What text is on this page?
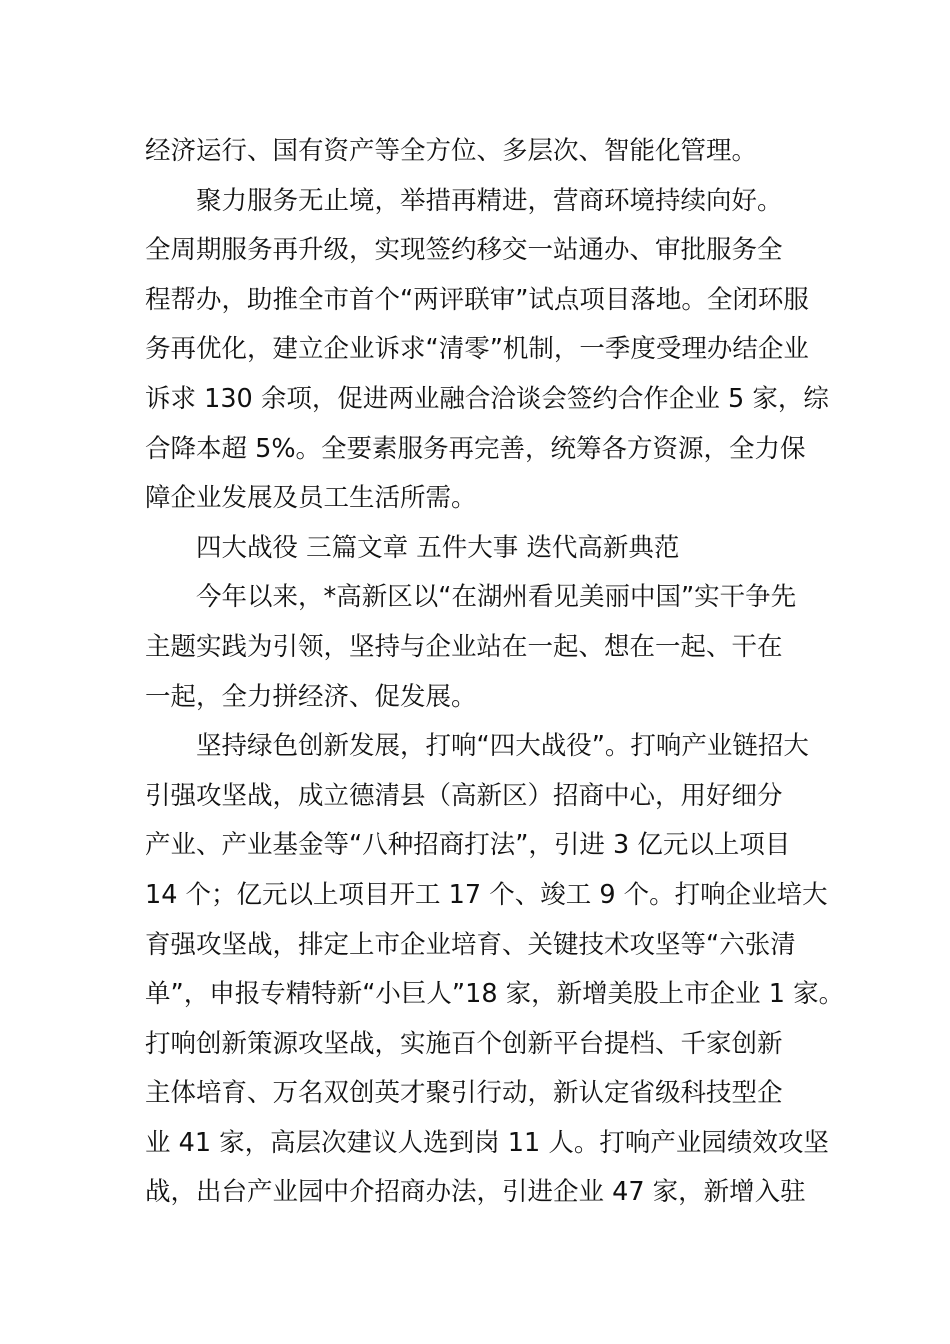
经济运行、国有资产等全方位、多层次、智能化管理。
聚力服务无止境，举措再精进，营商环境持续向好。
全周期服务再升级，实现签约移交一站通办、审批服务全
程帮办，助推全市首个“两评联审”试点项目落地。全闭环服
务再优化，建立企业诉求“清零”机制，一季度受理办结企业
诉求 130 余项，促进两业融合洽谈会签约合作企业 5 家，综
合降本超 5%。全要素服务再完善，统筹各方资源，全力保
障企业发展及员工生活所需。
四大战役 三篇文章 五件大事 迭代高新典范
今年以来，*高新区以“在湖州看见美丽中国”实干争先
主题实践为引领，坚持与企业站在一起、想在一起、干在
一起，全力拼经济、促发展。
坚持绿色创新发展，打响“四大战役”。打响产业链招大
引强攻坚战，成立德清县（高新区）招商中心，用好细分
产业、产业基金等“八种招商打法”，引进 3 亿元以上项目
14 个；亿元以上项目开工 17 个、竣工 9 个。打响企业培大
育强攻坚战，排定上市企业培育、关键技术攻坚等“六张清
单”，申报专精特新“小巨人”18 家，新增美股上市企业 1 家。
打响创新策源攻坚战，实施百个创新平台提档、千家创新
主体培育、万名双创英才聚引行动，新认定省级科技型企
业 41 家，高层次建议人选到岗 11 人。打响产业园绩效攻坚
战，出台产业园中介招商办法，引进企业 47 家，新增入驻
